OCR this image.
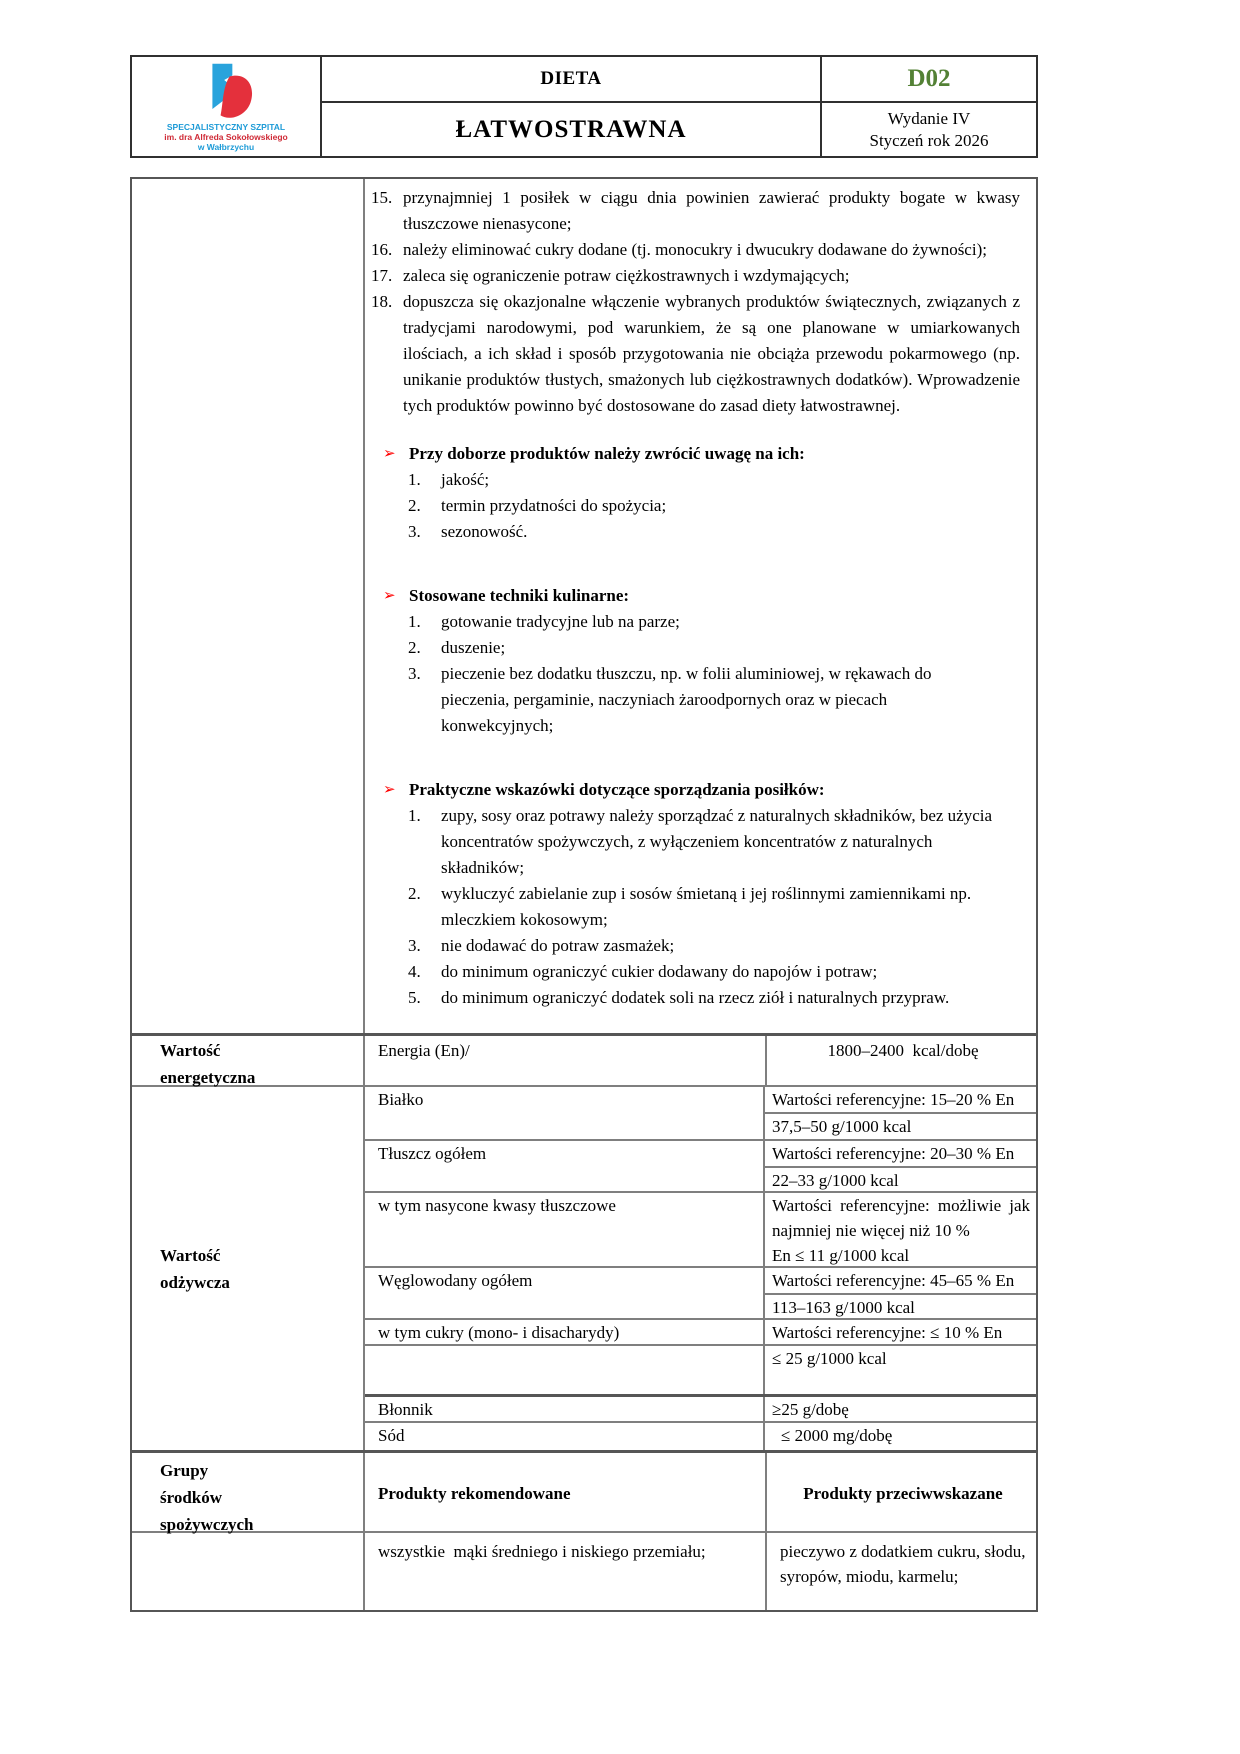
SPECJALISTYCZNY SZPITAL
im. dra Alfreda Sokołowskiego
w Wałbrzychu
DIETA
ŁATWOSTRAWNA
D02
Wydanie IV
Styczeń rok 2026
15. przynajmniej 1 posiłek w ciągu dnia powinien zawierać produkty bogate w kwasy tłuszczowe nienasycone;
16. należy eliminować cukry dodane (tj. monocukry i dwucukry dodawane do żywności);
17. zaleca się ograniczenie potraw ciężkostrawnych i wzdymających;
18. dopuszcza się okazjonalne włączenie wybranych produktów świątecznych, związanych z tradycjami narodowymi, pod warunkiem, że są one planowane w umiarkowanych ilościach, a ich skład i sposób przygotowania nie obciąża przewodu pokarmowego (np. unikanie produktów tłustych, smażonych lub ciężkostrawnych dodatków). Wprowadzenie tych produktów powinno być dostosowane do zasad diety łatwostrawnej.
➢ Przy doborze produktów należy zwrócić uwagę na ich:
1.	jakość;
2.	termin przydatności do spożycia;
3.	sezonowość.
➢ Stosowane techniki kulinarne:
1.	gotowanie tradycyjne lub na parze;
2.	duszenie;
3.	pieczenie bez dodatku tłuszczu, np. w folii aluminiowej, w rękawach do pieczenia, pergaminie, naczyniach żaroodpornych oraz w piecach konwekcyjnych;
➢ Praktyczne wskazówki dotyczące sporządzania posiłków:
1.	zupy, sosy oraz potrawy należy sporządzać z naturalnych składników, bez użycia koncentratów spożywczych, z wyłączeniem koncentratów z naturalnych składników;
2.	wykluczyć zabielanie zup i sosów śmietaną i jej roślinnymi zamiennikami np. mleczkiem kokosowym;
3.	nie dodawać do potraw zasmażek;
4.	do minimum ograniczyć cukier dodawany do napojów i potraw;
5.	do minimum ograniczyć dodatek soli na rzecz ziół i naturalnych przypraw.
Wartość
energetyczna
Energia (En)/	1800–2400  kcal/dobę
Wartość
odżywcza
Białko	Wartości referencyjne: 15–20 % En
37,5–50 g/1000 kcal
Tłuszcz ogółem	Wartości referencyjne: 20–30 % En
22–33 g/1000 kcal
w tym nasycone kwasy tłuszczowe	Wartości referencyjne: możliwie jak
najmniej nie więcej niż 10 %
En ≤ 11 g/1000 kcal
Węglowodany ogółem	Wartości referencyjne: 45–65 % En
113–163 g/1000 kcal
w tym cukry (mono- i disacharydy)	Wartości referencyjne: ≤ 10 % En
≤ 25 g/1000 kcal
Błonnik	≥25 g/dobę
Sód	≤ 2000 mg/dobę
Grupy
środków
spożywczych
Produkty rekomendowane	Produkty przeciwwskazane
wszystkie  mąki średniego i niskiego przemiału;	pieczywo z dodatkiem cukru, słodu, syropów, miodu, karmelu;
